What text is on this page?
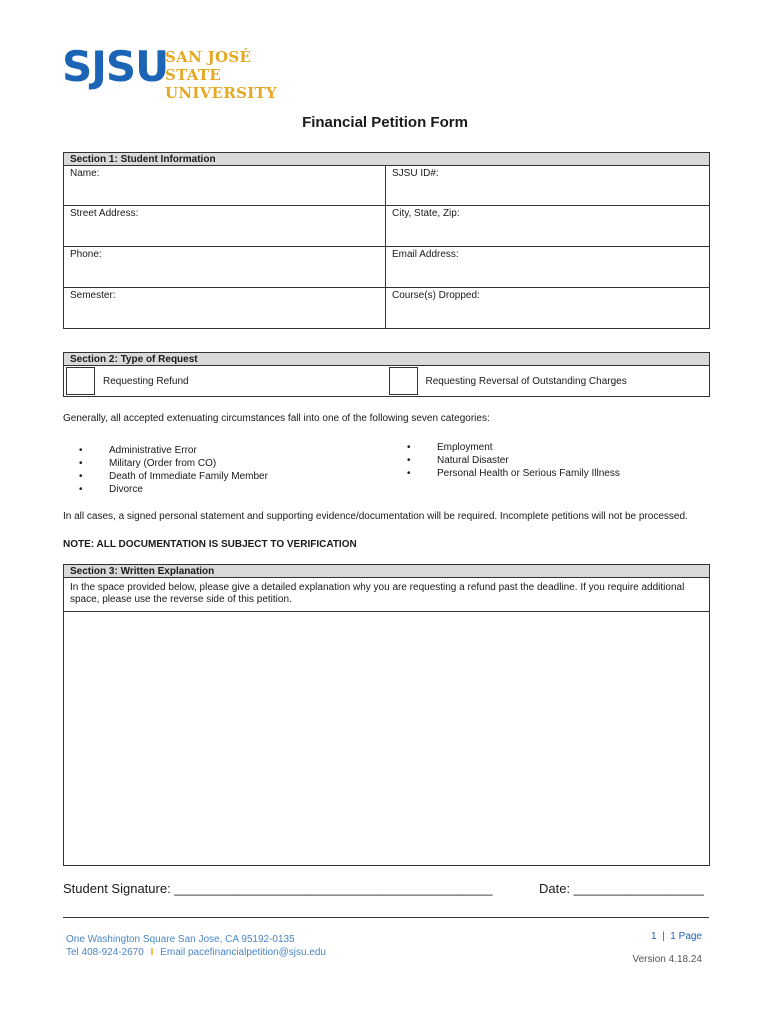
SJSU
SAN JOSÉ STATE
UNIVERSITY
Financial Petition Form
Section 1: Student Information
Name:	SJSU ID#:
Street Address:	City, State, Zip:
Phone:	Email Address:
Semester:	Course(s) Dropped:
Section 2: Type of Request
Requesting Refund	Requesting Reversal of Outstanding Charges
Generally, all accepted extenuating circumstances fall into one of the following seven categories:
• Administrative Error
• Military (Order from CO)
• Death of Immediate Family Member
• Divorce
• Employment
• Natural Disaster
• Personal Health or Serious Family Illness
In all cases, a signed personal statement and supporting evidence/documentation will be required. Incomplete petitions will not be processed.
NOTE: ALL DOCUMENTATION IS SUBJECT TO VERIFICATION
Section 3: Written Explanation
In the space provided below, please give a detailed explanation why you are requesting a refund past the deadline. If you require additional space, please use the reverse side of this petition.
Student Signature: ____________________________________________	Date: __________________
One Washington Square San Jose, CA 95192-0135
Tel 408-924-2670 I Email pacefinancialpetition@sjsu.edu
1  |  1 Page
Version 4.18.24
